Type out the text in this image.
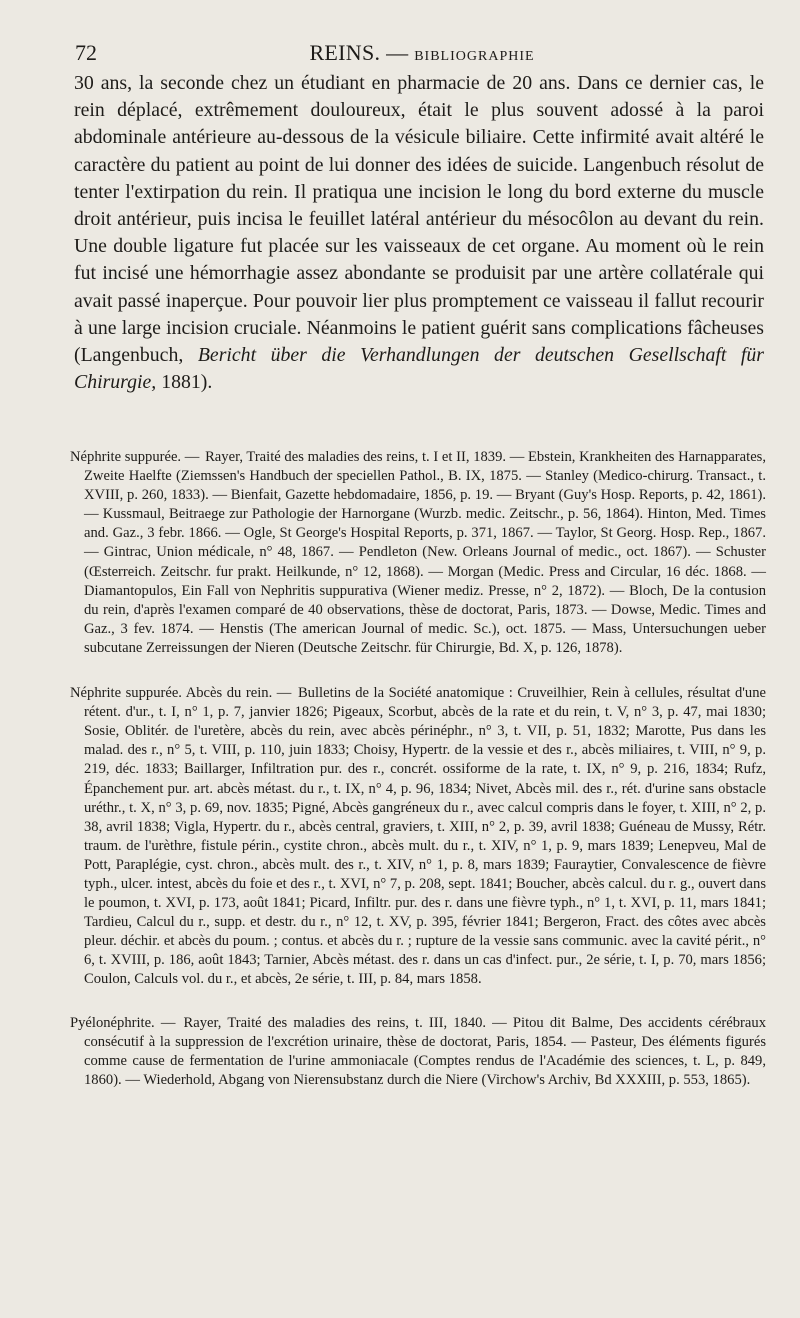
72	REINS. — BIBLIOGRAPHIE

30 ans, la seconde chez un étudiant en pharmacie de 20 ans. Dans ce dernier cas, le rein déplacé, extrêmement douloureux, était le plus souvent adossé à la paroi abdominale antérieure au-dessous de la vésicule biliaire. Cette infirmité avait altéré le caractère du patient au point de lui donner des idées de suicide. Langenbuch résolut de tenter l'extirpation du rein. Il pratiqua une incision le long du bord externe du muscle droit antérieur, puis incisa le feuillet latéral antérieur du mésocôlon au devant du rein. Une double ligature fut placée sur les vaisseaux de cet organe. Au moment où le rein fut incisé une hémorrhagie assez abondante se produisit par une artère collatérale qui avait passé inaperçue. Pour pouvoir lier plus promptement ce vaisseau il fallut recourir à une large incision cruciale. Néanmoins le patient guérit sans complications fâcheuses (Langenbuch, Bericht über die Verhandlungen der deutschen Gesellschaft für Chirurgie, 1881).

Néphrite suppurée. — Rayer, Traité des maladies des reins, t. I et II, 1839. — Ebstein, Krankheiten des Harnapparates, Zweite Haelfte (Ziemssen's Handbuch der speciellen Pathol., B. IX, 1875. — Stanley (Medico-chirurg. Transact., t. XVIII, p. 260, 1833). — Bienfait, Gazette hebdomadaire, 1856, p. 19. — Bryant (Guy's Hosp. Reports, p. 42, 1861). — Kussmaul, Beitraege zur Pathologie der Harnorgane (Wurzb. medic. Zeitschr., p. 56, 1864). Hinton, Med. Times and. Gaz., 3 febr. 1866. — Ogle, St George's Hospital Reports, p. 371, 1867. — Taylor, St Georg. Hosp. Rep., 1867. — Gintrac, Union médicale, n° 48, 1867. — Pendleton (New. Orleans Journal of medic., oct. 1867). — Schuster (Œsterreich. Zeitschr. fur prakt. Heilkunde, n° 12, 1868). — Morgan (Medic. Press and Circular, 16 déc. 1868. — Diamantopulos, Ein Fall von Nephritis suppurativa (Wiener mediz. Presse, n° 2, 1872). — Bloch, De la contusion du rein, d'après l'examen comparé de 40 observations, thèse de doctorat, Paris, 1873. — Dowse, Medic. Times and Gaz., 3 fev. 1874. — Henstis (The american Journal of medic. Sc.), oct. 1875. — Mass, Untersuchungen ueber subcutane Zerreissungen der Nieren (Deutsche Zeitschr. für Chirurgie, Bd. X, p. 126, 1878).

Néphrite suppurée. Abcès du rein. — Bulletins de la Société anatomique : Cruveilhier, Rein à cellules, résultat d'une rétent. d'ur., t. I, n° 1, p. 7, janvier 1826; Pigeaux, Scorbut, abcès de la rate et du rein, t. V, n° 3, p. 47, mai 1830; Sosie, Oblitér. de l'uretère, abcès du rein, avec abcès périnéphr., n° 3, t. VII, p. 51, 1832; Marotte, Pus dans les malad. des r., n° 5, t. VIII, p. 110, juin 1833; Choisy, Hypertr. de la vessie et des r., abcès miliaires, t. VIII, n° 9, p. 219, déc. 1833; Baillarger, Infiltration pur. des r., concrét. ossiforme de la rate, t. IX, n° 9, p. 216, 1834; Rufz, Épanchement pur. art. abcès métast. du r., t. IX, n° 4, p. 96, 1834; Nivet, Abcès mil. des r., rét. d'urine sans obstacle uréthr., t. X, n° 3, p. 69, nov. 1835; Pigné, Abcès gangréneux du r., avec calcul compris dans le foyer, t. XIII, n° 2, p. 38, avril 1838; Vigla, Hypertr. du r., abcès central, graviers, t. XIII, n° 2, p. 39, avril 1838; Guéneau de Mussy, Rétr. traum. de l'urèthre, fistule périn., cystite chron., abcès mult. du r., t. XIV, n° 1, p. 9, mars 1839; Lenepveu, Mal de Pott, Paraplégie, cyst. chron., abcès mult. des r., t. XIV, n° 1, p. 8, mars 1839; Fauraytier, Convalescence de fièvre typh., ulcer. intest, abcès du foie et des r., t. XVI, n° 7, p. 208, sept. 1841; Boucher, abcès calcul. du r. g., ouvert dans le poumon, t. XVI, p. 173, août 1841; Picard, Infiltr. pur. des r. dans une fièvre typh., n° 1, t. XVI, p. 11, mars 1841; Tardieu, Calcul du r., supp. et destr. du r., n° 12, t. XV, p. 395, février 1841; Bergeron, Fract. des côtes avec abcès pleur. déchir. et abcès du poum. ; contus. et abcès du r. ; rupture de la vessie sans communic. avec la cavité périt., n° 6, t. XVIII, p. 186, août 1843; Tarnier, Abcès métast. des r. dans un cas d'infect. pur., 2e série, t. I, p. 70, mars 1856; Coulon, Calculs vol. du r., et abcès, 2e série, t. III, p. 84, mars 1858.

Pyélonéphrite. — Rayer, Traité des maladies des reins, t. III, 1840. — Pitou dit Balme, Des accidents cérébraux consécutif à la suppression de l'excrétion urinaire, thèse de doctorat, Paris, 1854. — Pasteur, Des éléments figurés comme cause de fermentation de l'urine ammoniacale (Comptes rendus de l'Académie des sciences, t. L, p. 849, 1860). — Wiederhold, Abgang von Nierensubstanz durch die Niere (Virchow's Archiv, Bd XXXIII, p. 553, 1865).
